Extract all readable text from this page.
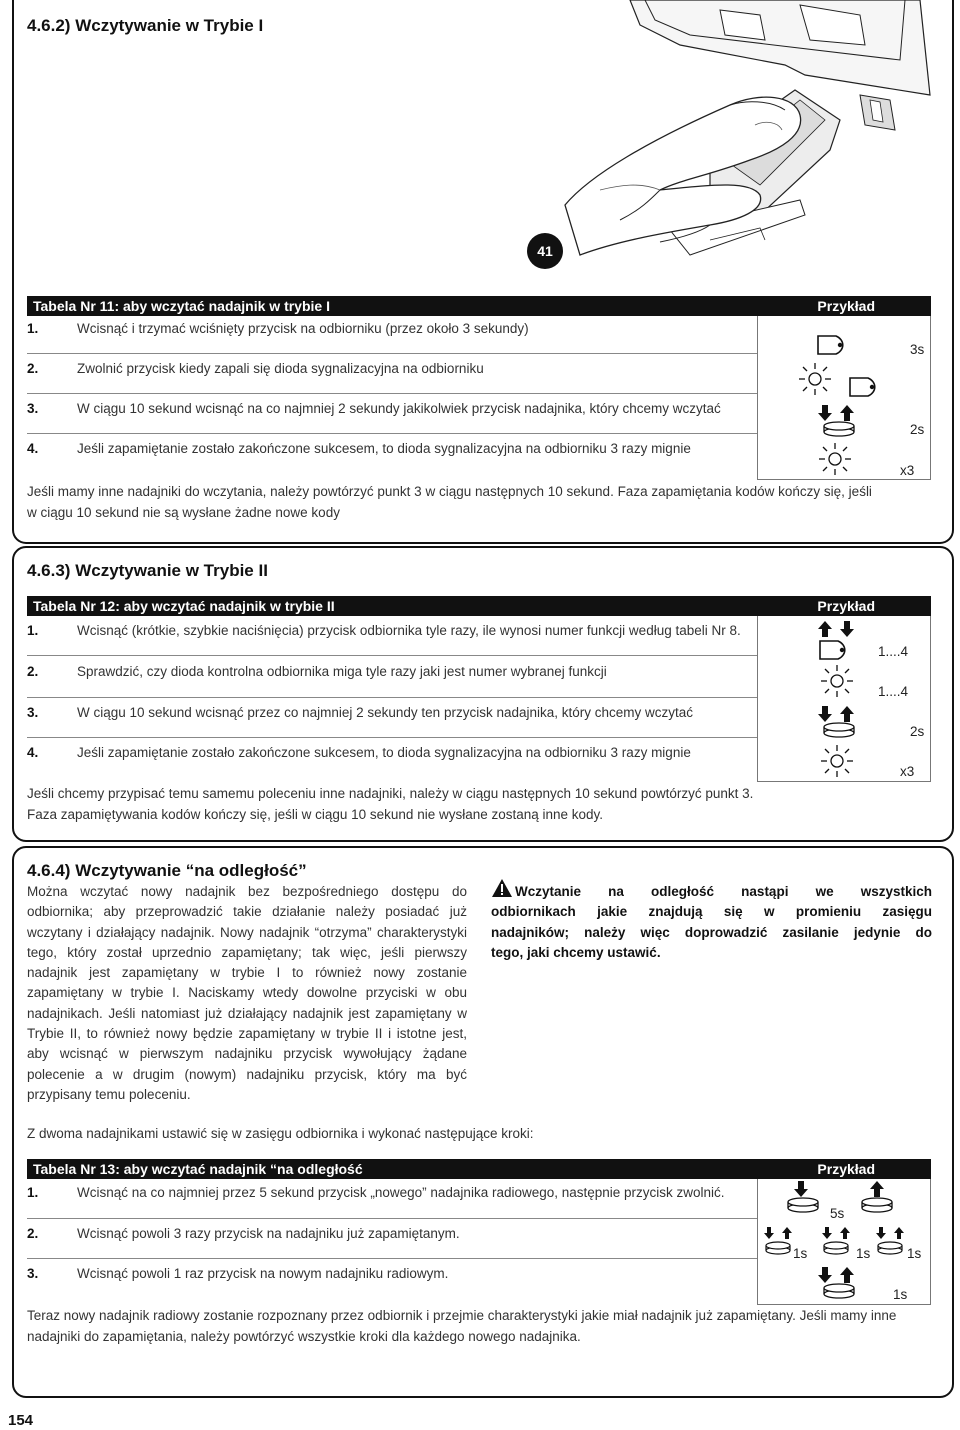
4.6.2) Wczytywanie w Trybie I
41
Tabela Nr 11: aby wczytać nadajnik w trybie I	Przykład
1.	Wcisnąć i trzymać wciśnięty przycisk na odbiorniku (przez około 3 sekundy)
2.	Zwolnić przycisk kiedy zapali się dioda sygnalizacyjna na odbiorniku
3.	W ciągu 10 sekund wcisnąć na co najmniej 2 sekundy jakikolwiek przycisk nadajnika, który chcemy wczytać
4.	Jeśli zapamiętanie zostało zakończone sukcesem, to dioda sygnalizacyjna na odbiorniku 3 razy mignie
3s
2s
x3
Jeśli mamy inne nadajniki do wczytania, należy powtórzyć punkt 3 w ciągu następnych 10 sekund. Faza zapamiętania kodów kończy się, jeśli
w ciągu 10 sekund nie są wysłane żadne nowe kody
4.6.3) Wczytywanie w Trybie II
Tabela Nr 12: aby wczytać nadajnik w trybie II	Przykład
1.	Wcisnąć (krótkie, szybkie naciśnięcia) przycisk odbiornika tyle razy, ile wynosi numer funkcji według tabeli Nr 8.
2.	Sprawdzić, czy dioda kontrolna odbiornika miga tyle razy jaki jest numer wybranej funkcji
3.	W ciągu 10 sekund wcisnąć przez co najmniej 2 sekundy ten przycisk nadajnika, który chcemy wczytać
4.	Jeśli zapamiętanie zostało zakończone sukcesem, to dioda sygnalizacyjna na odbiorniku 3 razy mignie
1....4
1....4
2s
x3
Jeśli chcemy przypisać temu samemu poleceniu inne nadajniki, należy w ciągu następnych 10 sekund powtórzyć punkt 3.
Faza zapamiętywania kodów kończy się, jeśli w ciągu 10 sekund nie wysłane zostaną inne kody.
4.6.4) Wczytywanie “na odległość”
Można wczytać nowy nadajnik bez bezpośredniego dostępu do
odbiornika; aby przeprowadzić takie działanie należy posiadać już
wczytany i działający nadajnik. Nowy nadajnik “otrzyma” charakterystyki
tego, który został uprzednio zapamiętany; tak więc, jeśli pierwszy
nadajnik jest zapamiętany w trybie I to również nowy zostanie
zapamiętany w trybie I. Naciskamy wtedy dowolne przyciski w obu
nadajnikach. Jeśli natomiast już działający nadajnik jest zapamiętany w
Trybie II, to również nowy będzie zapamiętany w trybie II i istotne jest,
aby wcisnąć w pierwszym nadajniku przycisk wywołujący żądane
polecenie a w drugim (nowym) nadajniku przycisk, który ma być
przypisany temu poleceniu.
Wczytanie na odległość nastąpi we wszystkich
odbiornikach jakie znajdują się w promieniu zasięgu
nadajników; należy więc doprowadzić zasilanie jedynie do
tego, jaki chcemy ustawić.
Z dwoma nadajnikami ustawić się w zasięgu odbiornika i wykonać następujące kroki:
Tabela Nr 13: aby wczytać nadajnik “na odległość	Przykład
1.	Wcisnąć na co najmniej przez 5 sekund przycisk „nowego” nadajnika radiowego, następnie przycisk zwolnić.
2.	Wcisnąć powoli 3 razy przycisk na nadajniku już zapamiętanym.
3.	Wcisnąć powoli 1 raz przycisk na nowym nadajniku radiowym.
5s
1s	1s	1s
1s
Teraz nowy nadajnik radiowy zostanie rozpoznany przez odbiornik i przejmie charakterystyki jakie miał nadajnik już zapamiętany. Jeśli mamy inne
nadajniki do zapamiętania, należy powtórzyć wszystkie kroki dla każdego nowego nadajnika.
154
